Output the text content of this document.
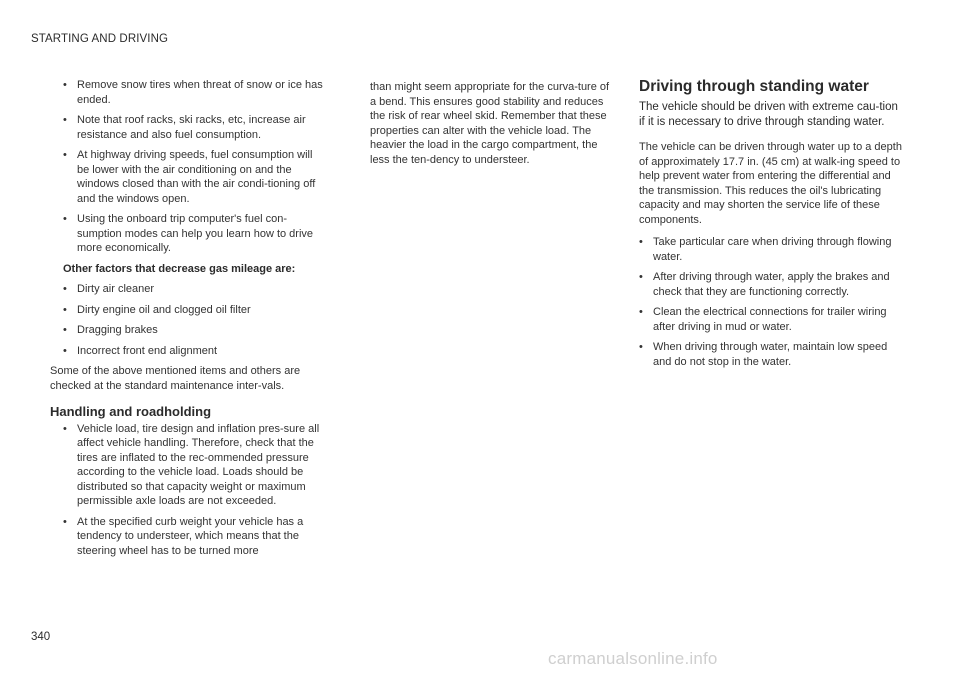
STARTING AND DRIVING
• Remove snow tires when threat of snow or ice has ended.
• Note that roof racks, ski racks, etc, increase air resistance and also fuel consumption.
• At highway driving speeds, fuel consumption will be lower with the air conditioning on and the windows closed than with the air condi-tioning off and the windows open.
• Using the onboard trip computer's fuel con-sumption modes can help you learn how to drive more economically.
Other factors that decrease gas mileage are:
• Dirty air cleaner
• Dirty engine oil and clogged oil filter
• Dragging brakes
• Incorrect front end alignment

Some of the above mentioned items and others are checked at the standard maintenance inter-vals.

Handling and roadholding
• Vehicle load, tire design and inflation pres-sure all affect vehicle handling. Therefore, check that the tires are inflated to the rec-ommended pressure according to the vehicle load. Loads should be distributed so that capacity weight or maximum permissible axle loads are not exceeded.
• At the specified curb weight your vehicle has a tendency to understeer, which means that the steering wheel has to be turned more

than might seem appropriate for the curva-ture of a bend. This ensures good stability and reduces the risk of rear wheel skid. Remember that these properties can alter with the vehicle load. The heavier the load in the cargo compartment, the less the ten-dency to understeer.

Driving through standing water

The vehicle should be driven with extreme cau-tion if it is necessary to drive through standing water.

The vehicle can be driven through water up to a depth of approximately 17.7 in. (45 cm) at walk-ing speed to help prevent water from entering the differential and the transmission. This reduces the oil's lubricating capacity and may shorten the service life of these components.

• Take particular care when driving through flowing water.
• After driving through water, apply the brakes and check that they are functioning correctly.
• Clean the electrical connections for trailer wiring after driving in mud or water.
• When driving through water, maintain low speed and do not stop in the water.
340
carmanualsonline.info
